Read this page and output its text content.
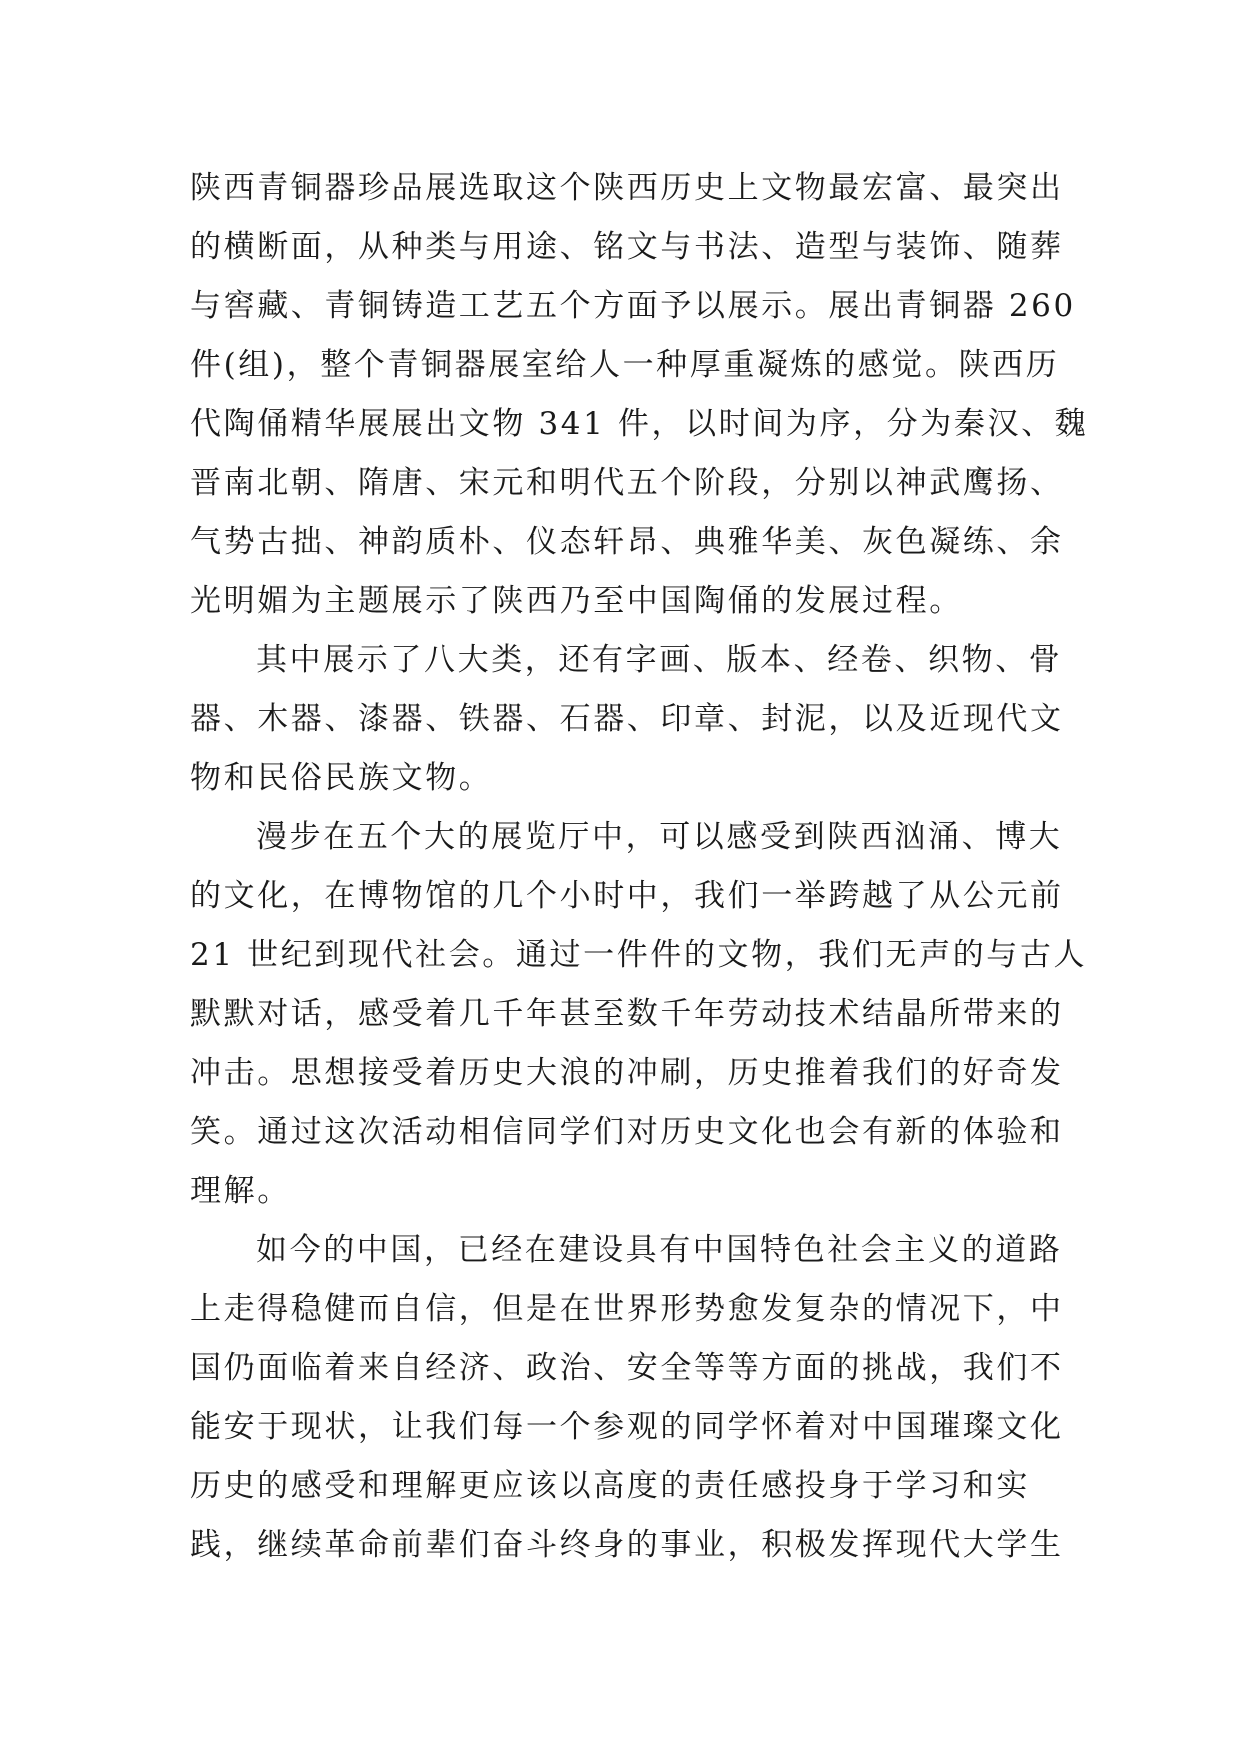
陕西青铜器珍品展选取这个陕西历史上文物最宏富、最突出
的横断面，从种类与用途、铭文与书法、造型与装饰、随葬
与窖藏、青铜铸造工艺五个方面予以展示。展出青铜器 260
件(组)，整个青铜器展室给人一种厚重凝炼的感觉。陕西历
代陶俑精华展展出文物 341 件，以时间为序，分为秦汉、魏
晋南北朝、隋唐、宋元和明代五个阶段，分别以神武鹰扬、
气势古拙、神韵质朴、仪态轩昂、典雅华美、灰色凝练、余
光明媚为主题展示了陕西乃至中国陶俑的发展过程。
其中展示了八大类，还有字画、版本、经卷、织物、骨
器、木器、漆器、铁器、石器、印章、封泥，以及近现代文
物和民俗民族文物。
漫步在五个大的展览厅中，可以感受到陕西汹涌、博大
的文化，在博物馆的几个小时中，我们一举跨越了从公元前
21 世纪到现代社会。通过一件件的文物，我们无声的与古人
默默对话，感受着几千年甚至数千年劳动技术结晶所带来的
冲击。思想接受着历史大浪的冲刷，历史推着我们的好奇发
笑。通过这次活动相信同学们对历史文化也会有新的体验和
理解。
如今的中国，已经在建设具有中国特色社会主义的道路
上走得稳健而自信，但是在世界形势愈发复杂的情况下，中
国仍面临着来自经济、政治、安全等等方面的挑战，我们不
能安于现状，让我们每一个参观的同学怀着对中国璀璨文化
历史的感受和理解更应该以高度的责任感投身于学习和实
践，继续革命前辈们奋斗终身的事业，积极发挥现代大学生
